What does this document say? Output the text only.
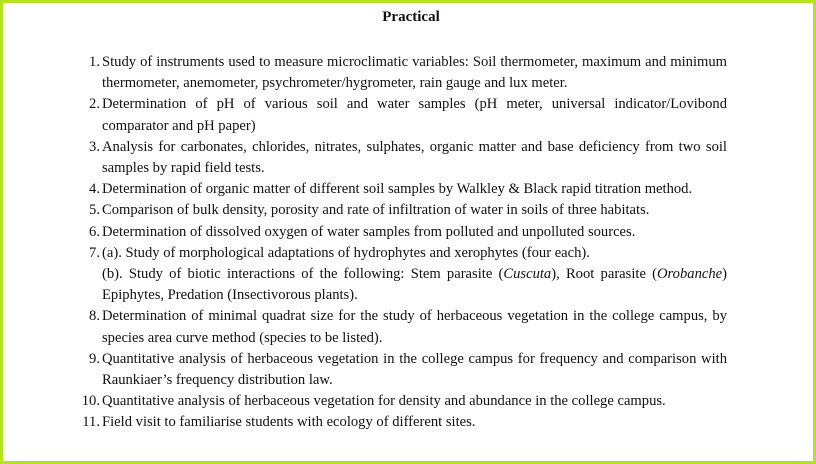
Practical
1. Study of instruments used to measure microclimatic variables: Soil thermometer, maximum and minimum thermometer, anemometer, psychrometer/hygrometer, rain gauge and lux meter.
2. Determination of pH of various soil and water samples (pH meter, universal indicator/Lovibond comparator and pH paper)
3. Analysis for carbonates, chlorides, nitrates, sulphates, organic matter and base deficiency from two soil samples by rapid field tests.
4. Determination of organic matter of different soil samples by Walkley & Black rapid titration method.
5. Comparison of bulk density, porosity and rate of infiltration of water in soils of three habitats.
6. Determination of dissolved oxygen of water samples from polluted and unpolluted sources.
7. (a). Study of morphological adaptations of hydrophytes and xerophytes (four each).
(b). Study of biotic interactions of the following: Stem parasite (Cuscuta), Root parasite (Orobanche) Epiphytes, Predation (Insectivorous plants).
8. Determination of minimal quadrat size for the study of herbaceous vegetation in the college campus, by species area curve method (species to be listed).
9. Quantitative analysis of herbaceous vegetation in the college campus for frequency and comparison with Raunkiaer’s frequency distribution law.
10. Quantitative analysis of herbaceous vegetation for density and abundance in the college campus.
11. Field visit to familiarise students with ecology of different sites.
